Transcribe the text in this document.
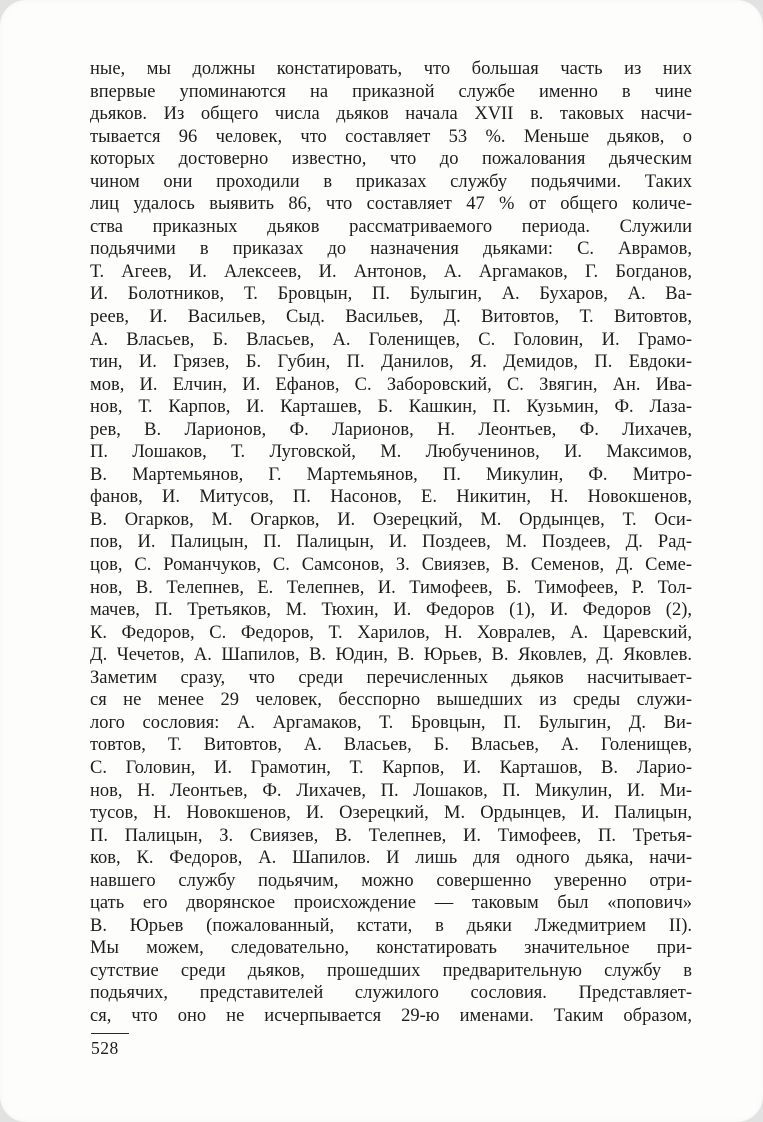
ные, мы должны констатировать, что большая часть из них
впервые упоминаются на приказной службе именно в чине
дьяков. Из общего числа дьяков начала XVII в. таковых насчи-
тывается 96 человек, что составляет 53 %. Меньше дьяков, о
которых достоверно известно, что до пожалования дьяческим
чином они проходили в приказах службу подьячими. Таких
лиц удалось выявить 86, что составляет 47 % от общего количе-
ства приказных дьяков рассматриваемого периода. Служили
подьячими в приказах до назначения дьяками: С. Аврамов,
Т. Агеев, И. Алексеев, И. Антонов, А. Аргамаков, Г. Богданов,
И. Болотников, Т. Бровцын, П. Булыгин, А. Бухаров, А. Ва-
реев, И. Васильев, Сыд. Васильев, Д. Витовтов, Т. Витовтов,
А. Власьев, Б. Власьев, А. Голенищев, С. Головин, И. Грамо-
тин, И. Грязев, Б. Губин, П. Данилов, Я. Демидов, П. Евдоки-
мов, И. Елчин, И. Ефанов, С. Заборовский, С. Звягин, Ан. Ива-
нов, Т. Карпов, И. Карташев, Б. Кашкин, П. Кузьмин, Ф. Лаза-
рев, В. Ларионов, Ф. Ларионов, Н. Леонтьев, Ф. Лихачев,
П. Лошаков, Т. Луговской, М. Любученинов, И. Максимов,
В. Мартемьянов, Г. Мартемьянов, П. Микулин, Ф. Митро-
фанов, И. Митусов, П. Насонов, Е. Никитин, Н. Новокшенов,
В. Огарков, М. Огарков, И. Озерецкий, М. Ордынцев, Т. Оси-
пов, И. Палицын, П. Палицын, И. Поздеев, М. Поздеев, Д. Рад-
цов, С. Романчуков, С. Самсонов, З. Свиязев, В. Семенов, Д. Семе-
нов, В. Телепнев, Е. Телепнев, И. Тимофеев, Б. Тимофеев, Р. Тол-
мачев, П. Третьяков, М. Тюхин, И. Федоров (1), И. Федоров (2),
К. Федоров, С. Федоров, Т. Харилов, Н. Ховралев, А. Царевский,
Д. Чечетов, А. Шапилов, В. Юдин, В. Юрьев, В. Яковлев, Д. Яковлев.
Заметим сразу, что среди перечисленных дьяков насчитывает-
ся не менее 29 человек, бесспорно вышедших из среды служи-
лого сословия: А. Аргамаков, Т. Бровцын, П. Булыгин, Д. Ви-
товтов, Т. Витовтов, А. Власьев, Б. Власьев, А. Голенищев,
С. Головин, И. Грамотин, Т. Карпов, И. Карташов, В. Ларио-
нов, Н. Леонтьев, Ф. Лихачев, П. Лошаков, П. Микулин, И. Ми-
тусов, Н. Новокшенов, И. Озерецкий, М. Ордынцев, И. Палицын,
П. Палицын, З. Свиязев, В. Телепнев, И. Тимофеев, П. Третья-
ков, К. Федоров, А. Шапилов. И лишь для одного дьяка, начи-
навшего службу подьячим, можно совершенно уверенно отри-
цать его дворянское происхождение — таковым был «попович»
В. Юрьев (пожалованный, кстати, в дьяки Лжедмитрием II).
Мы можем, следовательно, констатировать значительное при-
сутствие среди дьяков, прошедших предварительную службу в
подьячих, представителей служилого сословия. Представляет-
ся, что оно не исчерпывается 29-ю именами. Таким образом,
528
